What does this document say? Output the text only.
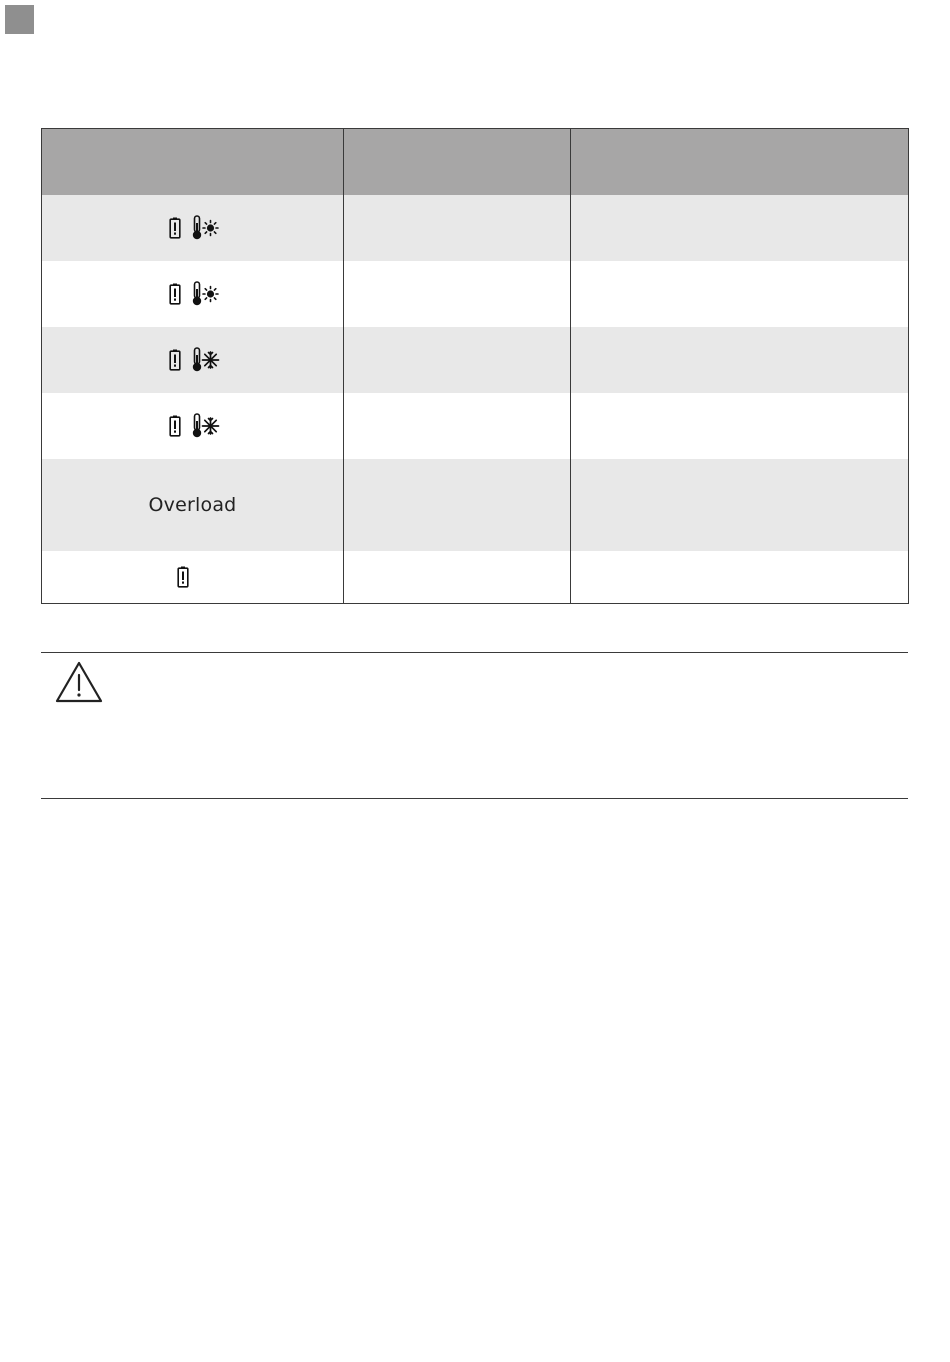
Overload
